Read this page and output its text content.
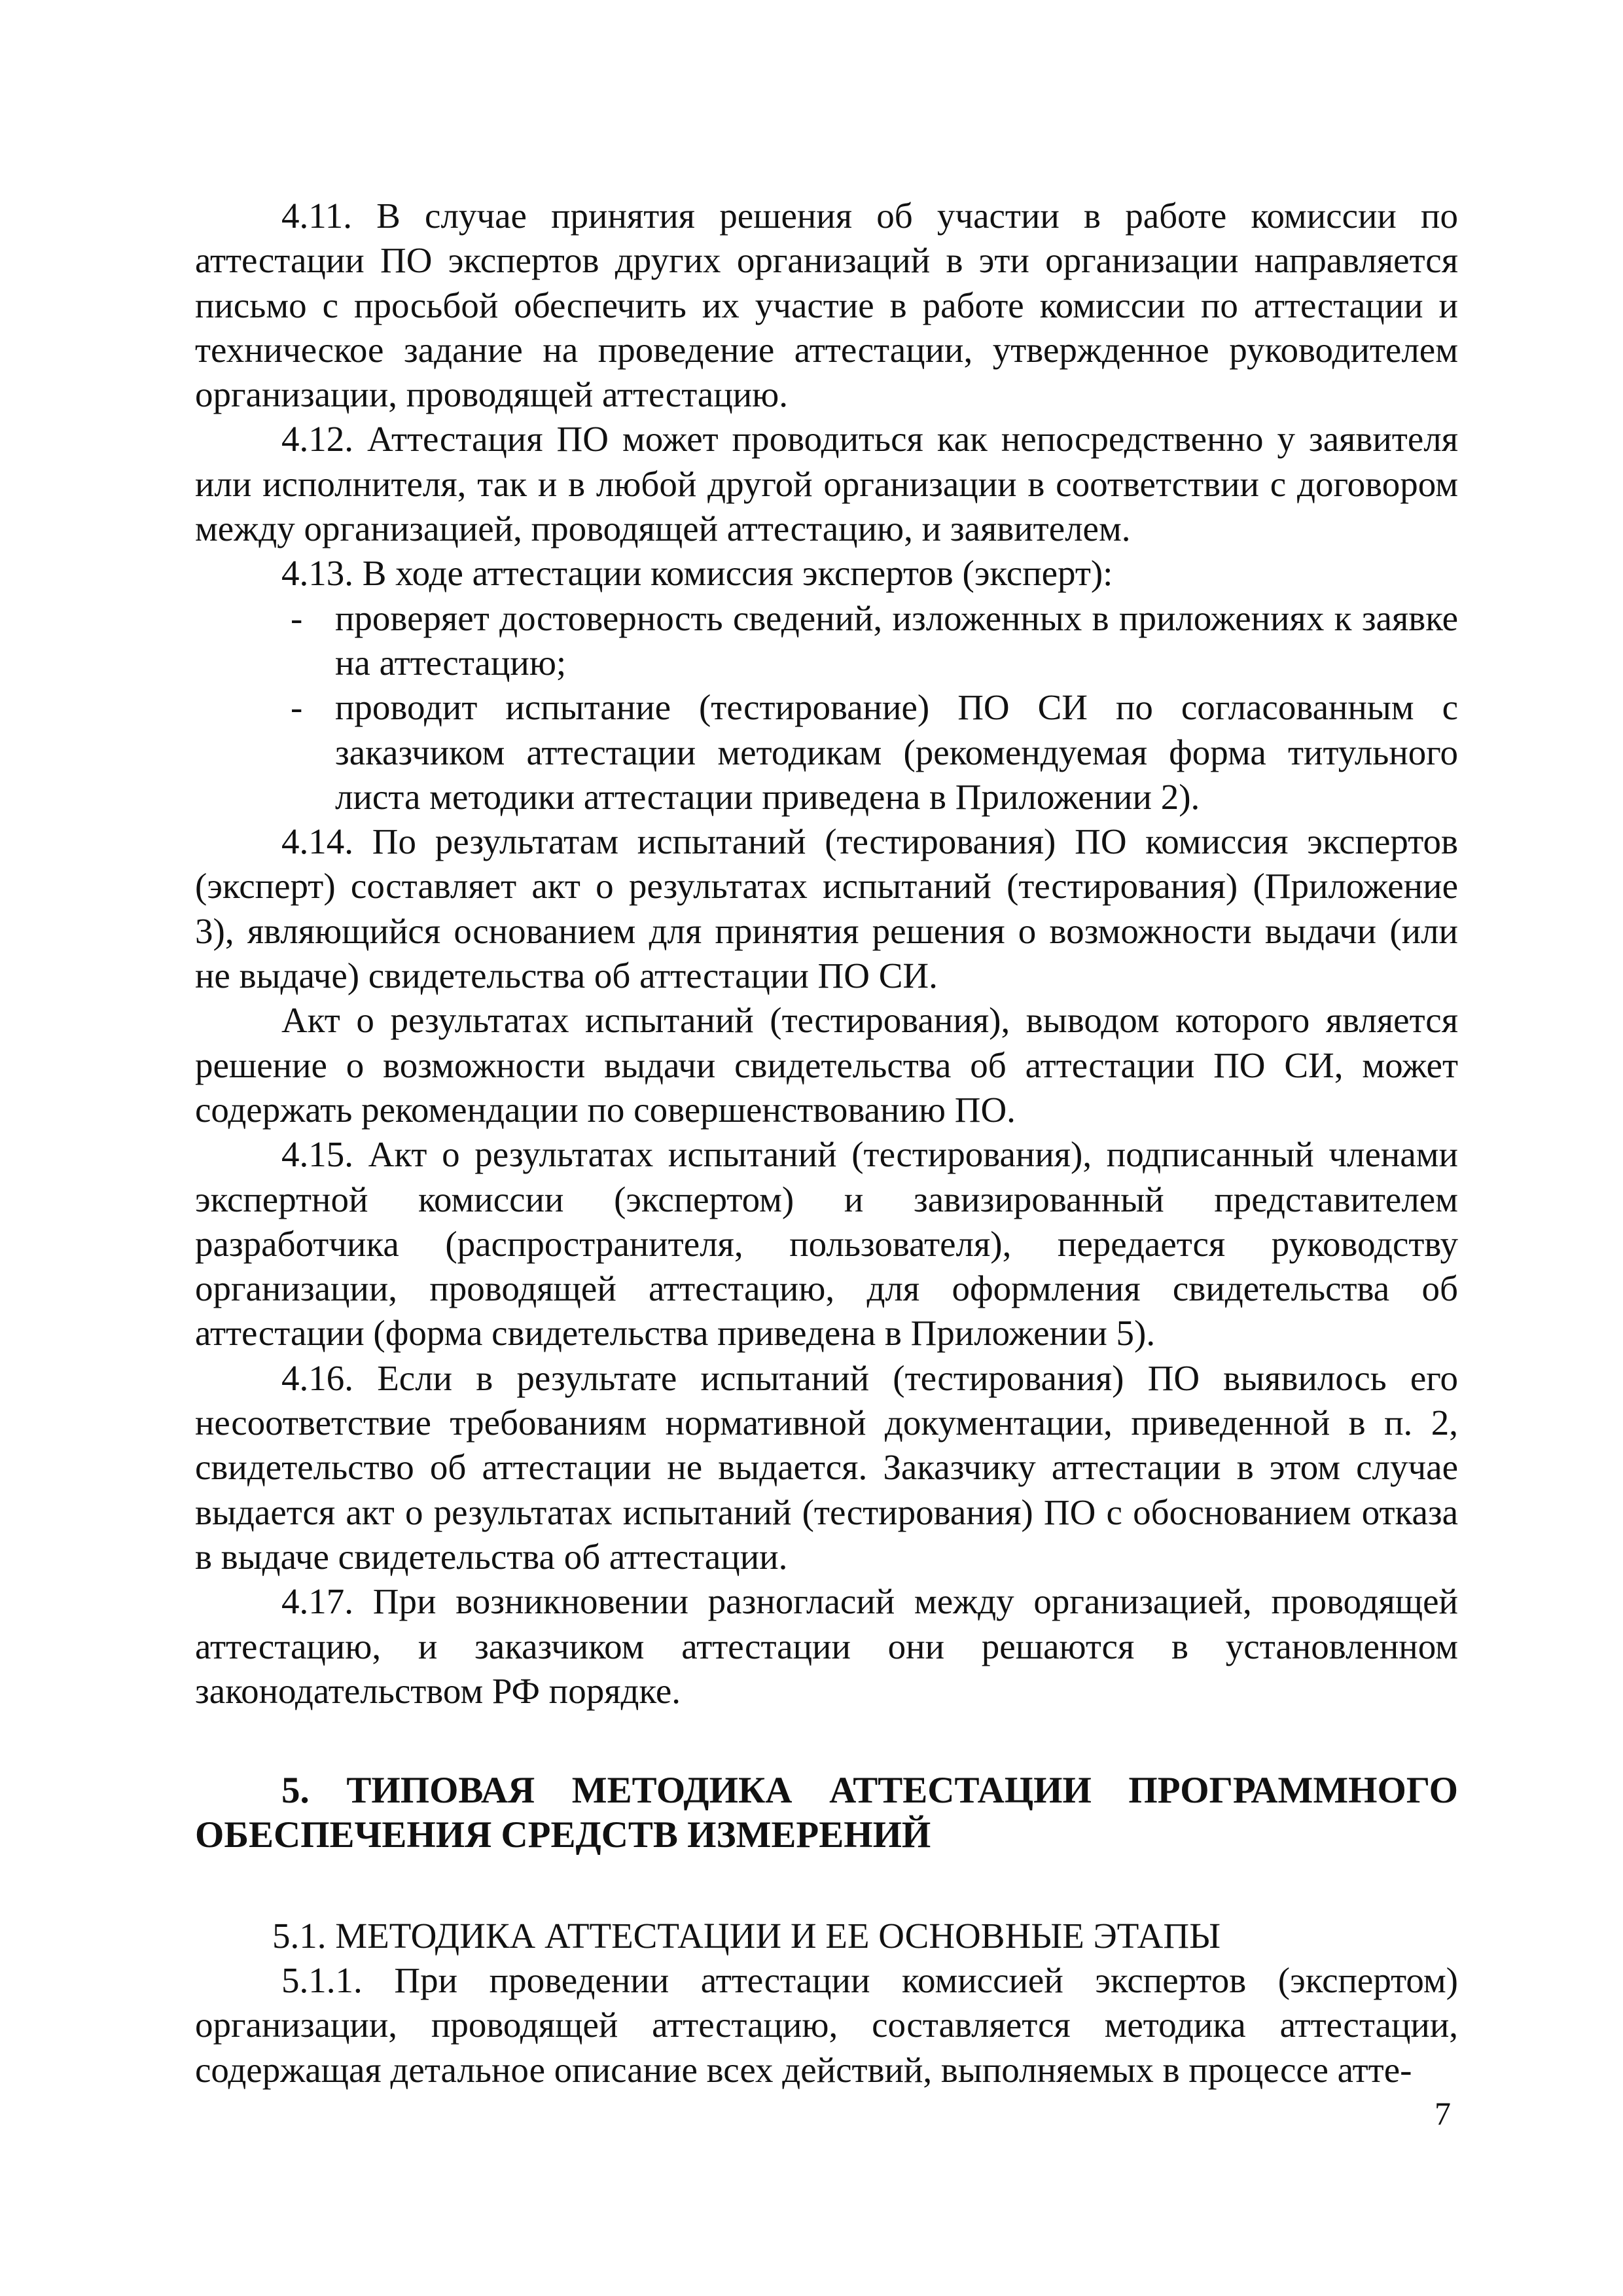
4.11. В случае принятия решения об участии в работе комиссии по аттестации ПО экспертов других организаций в эти организации направляется письмо с просьбой обеспечить их участие в работе комиссии по аттестации и техническое задание на проведение аттестации, утвержденное руководителем организации, проводящей аттестацию.

4.12. Аттестация ПО может проводиться как непосредственно у заявителя или исполнителя, так и в любой другой организации в соответствии с договором между организацией, проводящей аттестацию, и заявителем.

4.13. В ходе аттестации комиссия экспертов (эксперт):

- проверяет достоверность сведений, изложенных в приложениях к заявке на аттестацию;
- проводит испытание (тестирование) ПО СИ по согласованным с заказчиком аттестации методикам (рекомендуемая форма титульного листа методики аттестации приведена в Приложении 2).

4.14. По результатам испытаний (тестирования) ПО комиссия экспертов (эксперт) составляет акт о результатах испытаний (тестирования) (Приложение 3), являющийся основанием для принятия решения о возможности выдачи (или не выдаче) свидетельства об аттестации ПО СИ.

Акт о результатах испытаний (тестирования), выводом которого является решение о возможности выдачи свидетельства об аттестации ПО СИ, может содержать рекомендации по совершенствованию ПО.

4.15. Акт о результатах испытаний (тестирования), подписанный членами экспертной комиссии (экспертом) и завизированный представителем разработчика (распространителя, пользователя), передается руководству организации, проводящей аттестацию, для оформления свидетельства об аттестации (форма свидетельства приведена в Приложении 5).

4.16. Если в результате испытаний (тестирования) ПО выявилось его несоответствие требованиям нормативной документации, приведенной в п. 2, свидетельство об аттестации не выдается. Заказчику аттестации в этом случае выдается акт о результатах испытаний (тестирования) ПО с обоснованием отказа в выдаче свидетельства об аттестации.

4.17. При возникновении разногласий между организацией, проводящей аттестацию, и заказчиком аттестации они решаются в установленном законодательством РФ порядке.

5. ТИПОВАЯ МЕТОДИКА АТТЕСТАЦИИ ПРОГРАММНОГО ОБЕСПЕЧЕНИЯ СРЕДСТВ ИЗМЕРЕНИЙ
5.1. МЕТОДИКА АТТЕСТАЦИИ И ЕЕ ОСНОВНЫЕ ЭТАПЫ

5.1.1. При проведении аттестации комиссией экспертов (экспертом) организации, проводящей аттестацию, составляется методика аттестации, содержащая детальное описание всех действий, выполняемых в процессе атте-

7
